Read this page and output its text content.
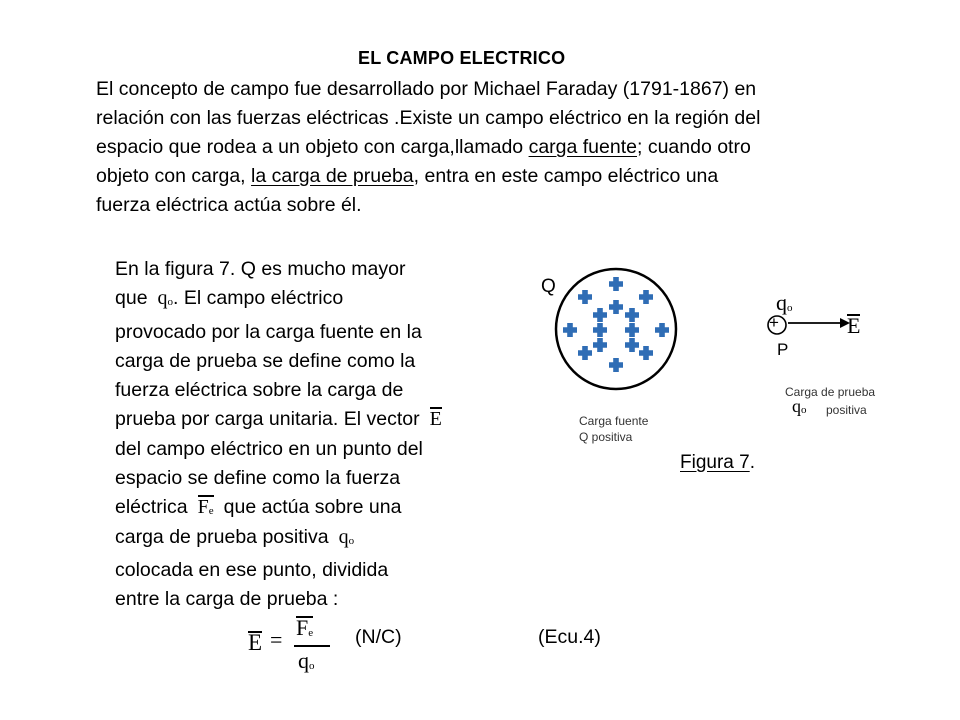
EL CAMPO ELECTRICO
El concepto de campo fue desarrollado por Michael Faraday (1791-1867) en
relación con las fuerzas eléctricas .Existe un campo eléctrico en la región del
espacio que rodea a un objeto con carga,llamado carga fuente; cuando otro
objeto con carga, la carga de prueba, entra en este campo eléctrico una
fuerza eléctrica actúa sobre él.
En la figura 7. Q es mucho mayor
que qo. El campo eléctrico
provocado por la carga fuente en la
carga de prueba se define como la
fuerza eléctrica sobre la carga de
prueba por carga unitaria. El vector E
del campo eléctrico en un punto del
espacio se define como la fuerza
eléctrica Fe que actúa sobre una
carga de prueba positiva qo
colocada en ese punto, dividida
entre la carga de prueba :
Q
Carga fuente
Q positiva
qo
+	E
P
Carga de prueba
qo positiva
Figura 7.
E = Fe
qo
(N/C)	(Ecu.4)
